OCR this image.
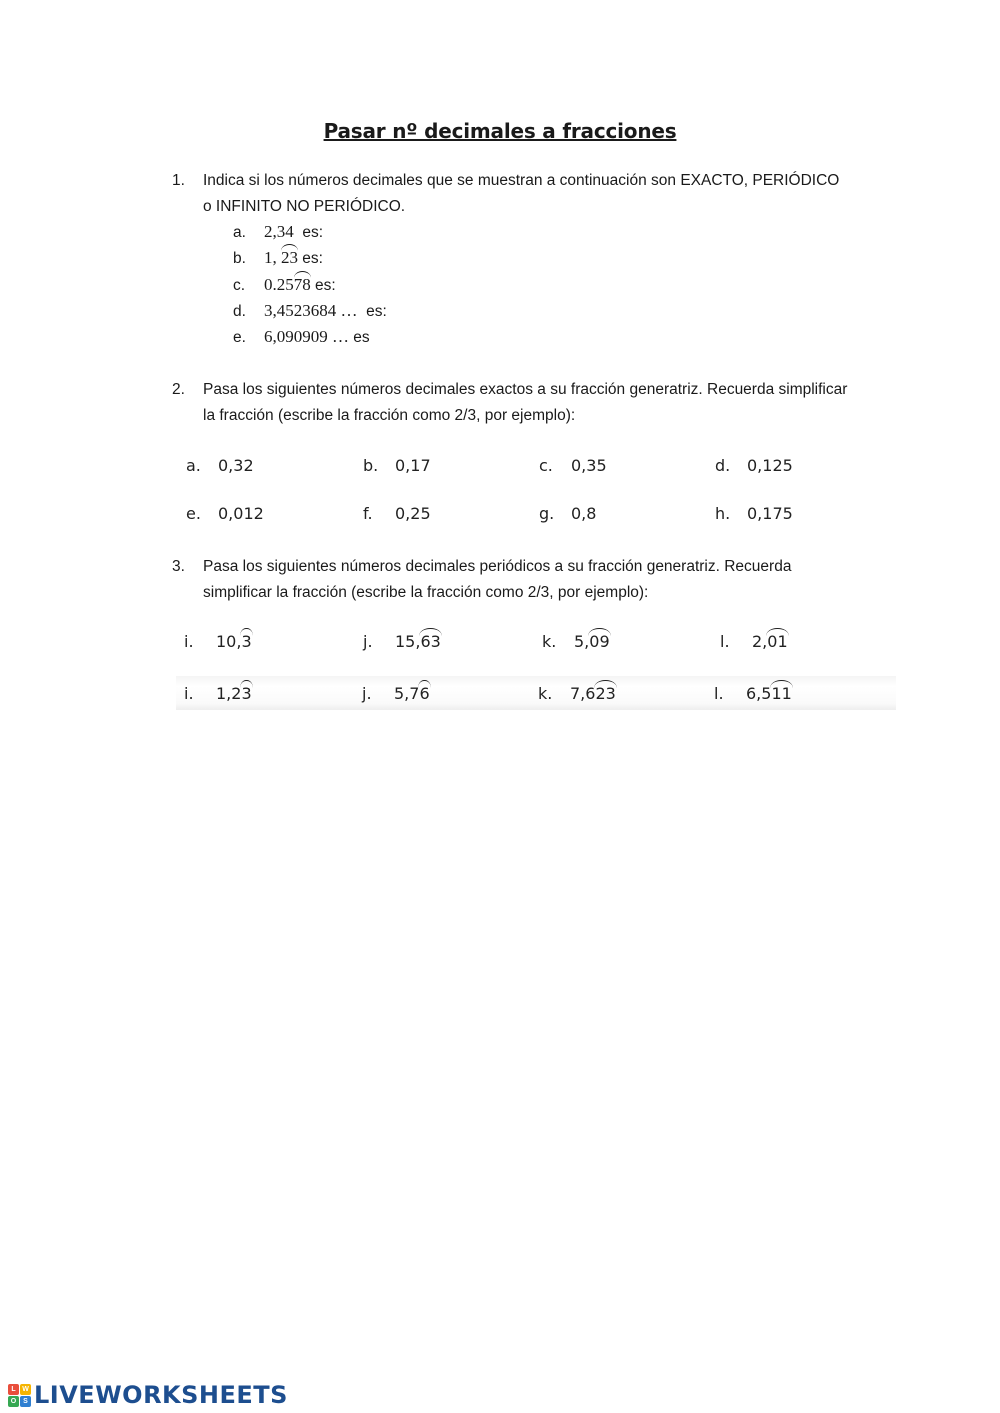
Pasar nº decimales a fracciones
1. Indica si los números decimales que se muestran a continuación son EXACTO, PERIÓDICO o INFINITO NO PERIÓDICO.
a. 2,34  es:
b. 1, 23 es:
c. 0.2578 es:
d. 3,4523684 …  es:
e. 6,090909 … es
2. Pasa los siguientes números decimales exactos a su fracción generatriz. Recuerda simplificar la fracción (escribe la fracción como 2/3, por ejemplo):
a. 0,32	b. 0,17	c. 0,35	d. 0,125
e. 0,012	f. 0,25	g. 0,8	h. 0,175
3. Pasa los siguientes números decimales periódicos a su fracción generatriz. Recuerda simplificar la fracción (escribe la fracción como 2/3, por ejemplo):
i. 10,3	j. 15,63	k. 5,09	l. 2,01
i. 1,23	j. 5,76	k. 7,623	l. 6,511
L W
O S LIVEWORKSHEETS
